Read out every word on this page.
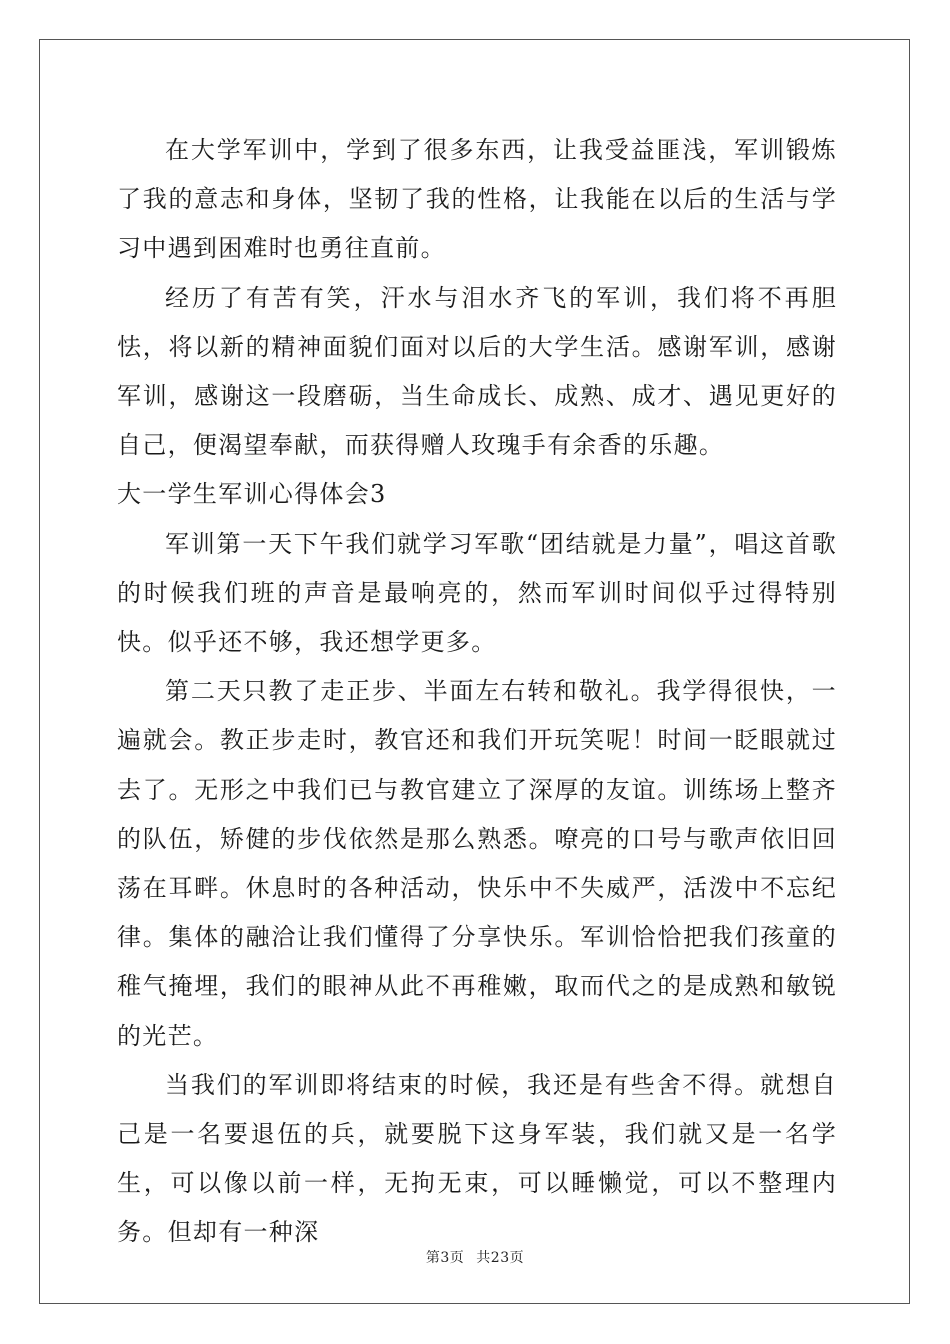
在大学军训中，学到了很多东西，让我受益匪浅，军训锻炼了我的意志和身体，坚韧了我的性格，让我能在以后的生活与学习中遇到困难时也勇往直前。

经历了有苦有笑，汗水与泪水齐飞的军训，我们将不再胆怯，将以新的精神面貌们面对以后的大学生活。感谢军训，感谢军训，感谢这一段磨砺，当生命成长、成熟、成才、遇见更好的自己，便渴望奉献，而获得赠人玫瑰手有余香的乐趣。

大一学生军训心得体会3

军训第一天下午我们就学习军歌“团结就是力量”，唱这首歌的时候我们班的声音是最响亮的，然而军训时间似乎过得特别快。似乎还不够，我还想学更多。

第二天只教了走正步、半面左右转和敬礼。我学得很快，一遍就会。教正步走时，教官还和我们开玩笑呢！时间一眨眼就过去了。无形之中我们已与教官建立了深厚的友谊。训练场上整齐的队伍，矫健的步伐依然是那么熟悉。嘹亮的口号与歌声依旧回荡在耳畔。休息时的各种活动，快乐中不失威严，活泼中不忘纪律。集体的融洽让我们懂得了分享快乐。军训恰恰把我们孩童的稚气掩埋，我们的眼神从此不再稚嫩，取而代之的是成熟和敏锐的光芒。

当我们的军训即将结束的时候，我还是有些舍不得。就想自己是一名要退伍的兵，就要脱下这身军装，我们就又是一名学生，可以像以前一样，无拘无束，可以睡懒觉，可以不整理内务。但却有一种深

第3页 共23页
